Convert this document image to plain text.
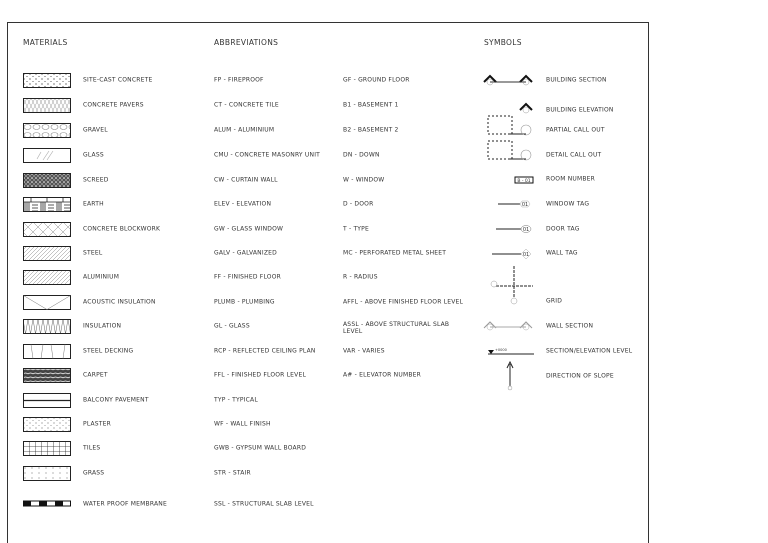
MATERIALS	ABBREVIATIONS	SYMBOLS
SITE-CAST CONCRETE
CONCRETE PAVERS
GRAVEL
GLASS
SCREED
EARTH
CONCRETE BLOCKWORK
STEEL
ALUMINIUM
ACOUSTIC INSULATION
INSULATION
STEEL DECKING
CARPET
BALCONY PAVEMENT
PLASTER
TILES
GRASS
WATER PROOF MEMBRANE
FP - FIREPROOF
CT - CONCRETE TILE
ALUM - ALUMINIUM
CMU - CONCRETE MASONRY UNIT
CW - CURTAIN WALL
ELEV - ELEVATION
GW - GLASS WINDOW
GALV - GALVANIZED
FF - FINISHED FLOOR
PLUMB - PLUMBING
GL - GLASS
RCP - REFLECTED CEILING PLAN
FFL - FINISHED FLOOR LEVEL
TYP - TYPICAL
WF - WALL FINISH
GWB - GYPSUM WALL BOARD
STR - STAIR
SSL - STRUCTURAL SLAB LEVEL
GF - GROUND FLOOR
B1 - BASEMENT 1
B2 - BASEMENT 2
DN - DOWN
W - WINDOW
D - DOOR
T - TYPE
MC - PERFORATED METAL SHEET
R - RADIUS
AFFL - ABOVE FINISHED FLOOR LEVEL
ASSL - ABOVE STRUCTURAL SLAB LEVEL
VAR - VARIES
A# - ELEVATOR NUMBER
B - 01
01
01
01
+0000
BUILDING SECTION
BUILDING ELEVATION
PARTIAL CALL OUT
DETAIL CALL OUT
ROOM NUMBER
WINDOW TAG
DOOR TAG
WALL TAG
GRID
WALL SECTION
SECTION/ELEVATION LEVEL
DIRECTION OF SLOPE
